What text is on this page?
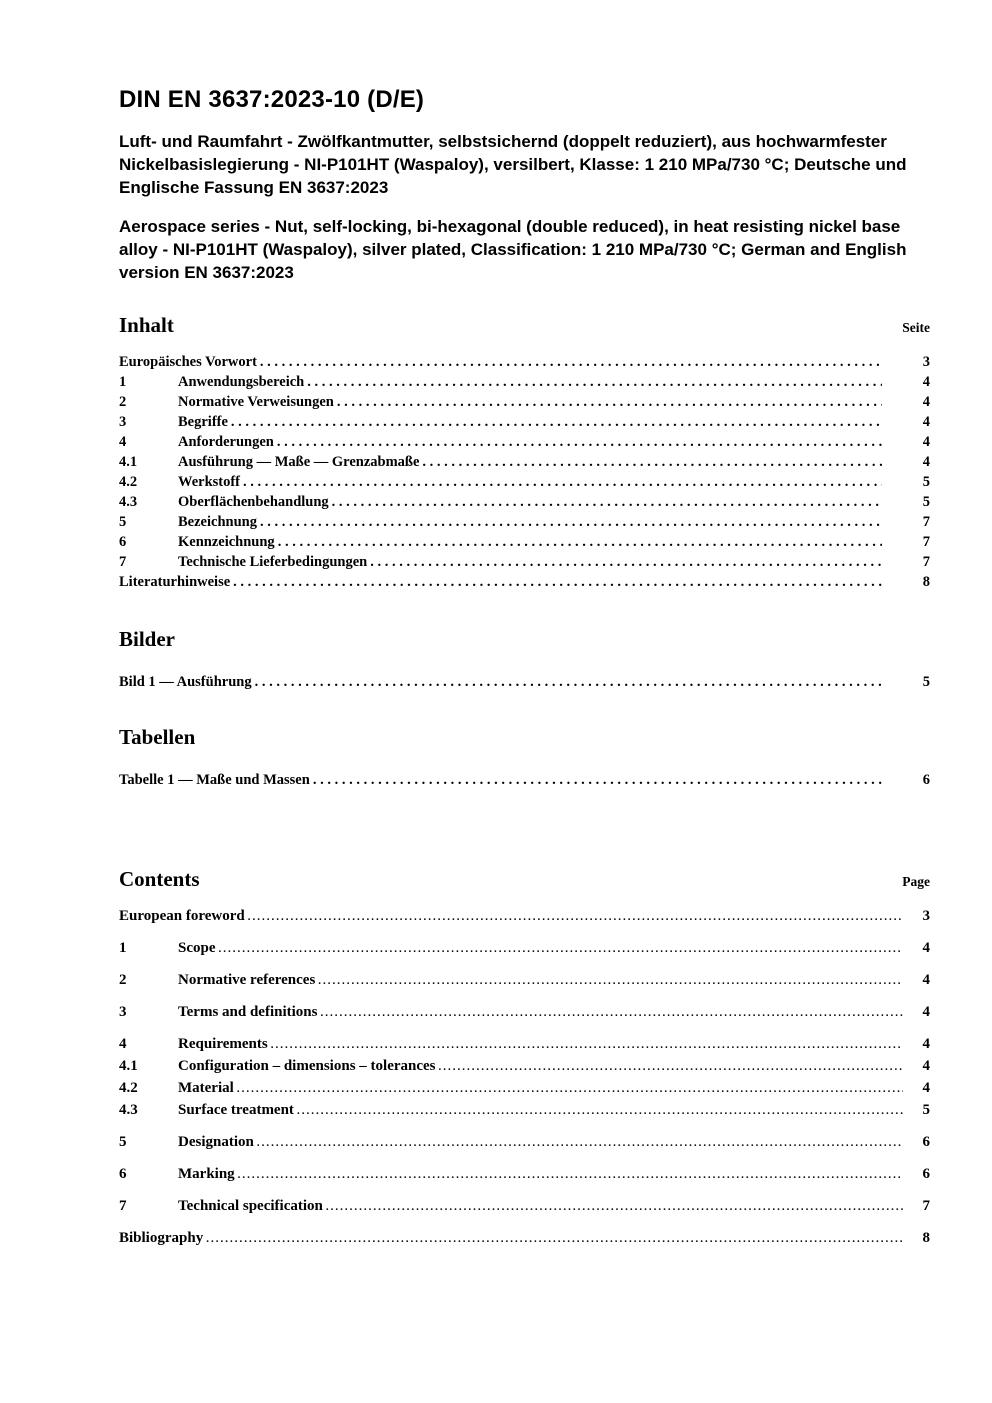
DIN EN 3637:2023-10 (D/E)

Luft- und Raumfahrt - Zwölfkantmutter, selbstsichernd (doppelt reduziert), aus hochwarmfester Nickelbasislegierung - NI-P101HT (Waspaloy), versilbert, Klasse: 1 210 MPa/730 °C; Deutsche und Englische Fassung EN 3637:2023

Aerospace series - Nut, self-locking, bi-hexagonal (double reduced), in heat resisting nickel base alloy - NI-P101HT (Waspaloy), silver plated, Classification: 1 210 MPa/730 °C; German and English version EN 3637:2023

Inhalt	Seite
Europäisches Vorwort . . .	3
1	Anwendungsbereich . . .	4
2	Normative Verweisungen . . .	4
3	Begriffe . . .	4
4	Anforderungen . . .	4
4.1	Ausführung — Maße — Grenzabmaße . . .	4
4.2	Werkstoff . . .	5
4.3	Oberflächenbehandlung . . .	5
5	Bezeichnung . . .	7
6	Kennzeichnung . . .	7
7	Technische Lieferbedingungen . . .	7
Literaturhinweise . . .	8
Bilder
Bild 1 — Ausführung . . .	5
Tabellen
Tabelle 1 — Maße und Massen . . .	6
Contents	Page
European foreword .....	3
1	Scope .....	4
2	Normative references .....	4
3	Terms and definitions .....	4
4	Requirements .....	4
4.1	Configuration – dimensions – tolerances .....	4
4.2	Material .....	4
4.3	Surface treatment .....	5
5	Designation .....	6
6	Marking .....	6
7	Technical specification .....	7
Bibliography .....	8
